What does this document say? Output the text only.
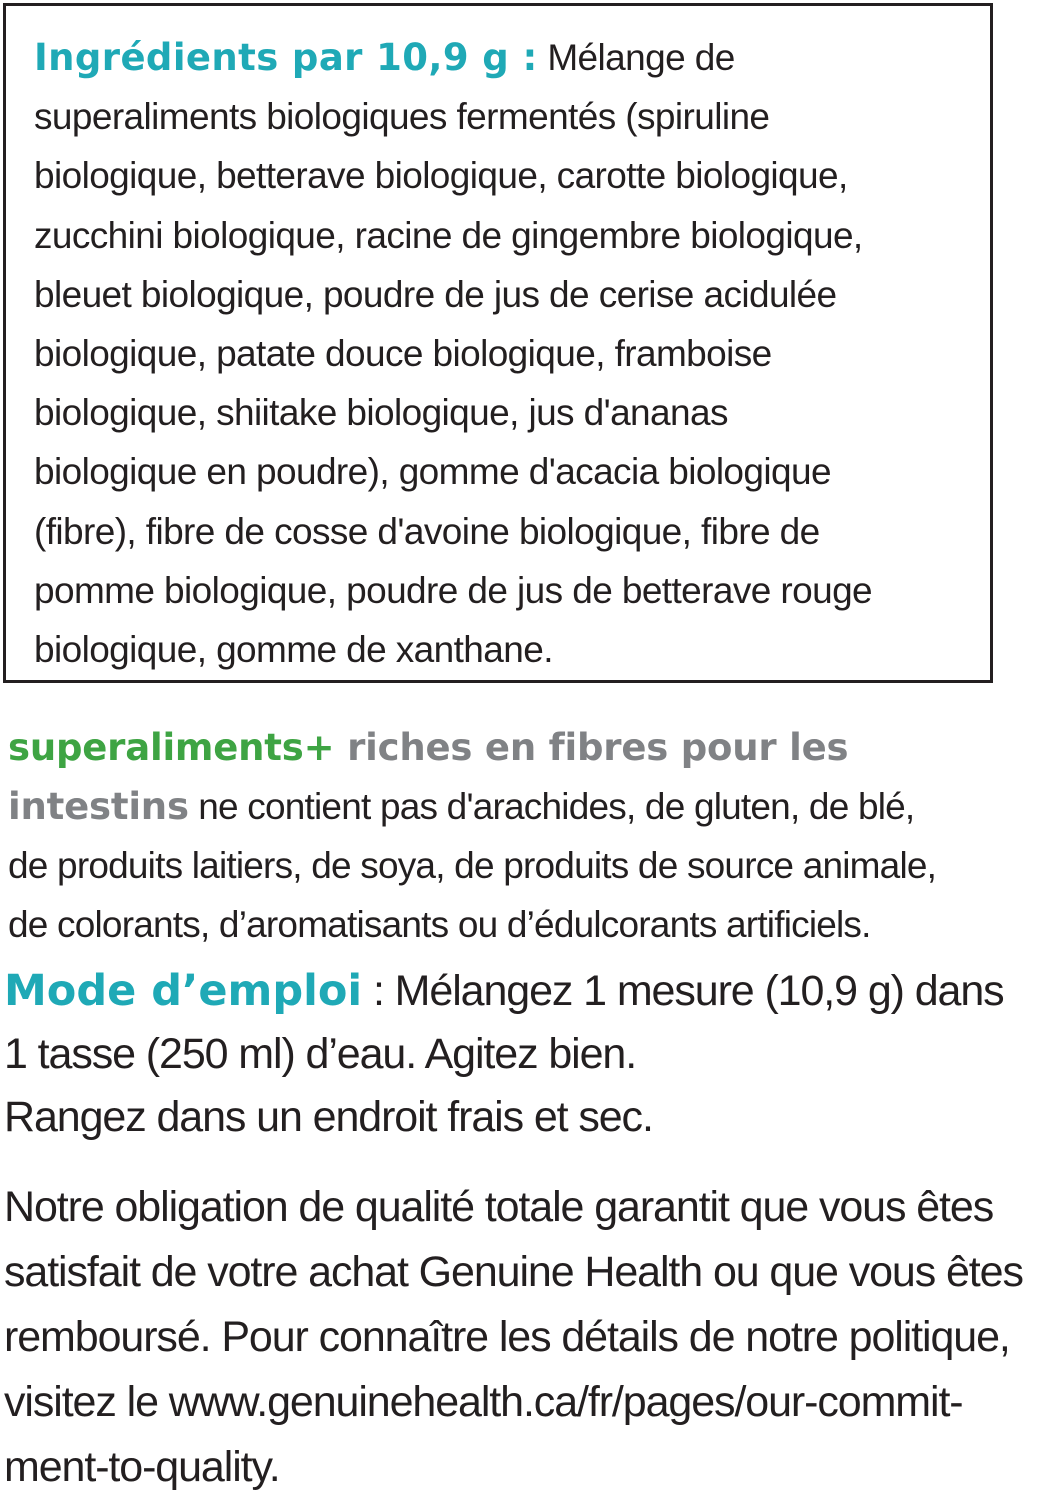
Ingrédients par 10,9 g : Mélange de
superaliments biologiques fermentés (spiruline
biologique, betterave biologique, carotte biologique,
zucchini biologique, racine de gingembre biologique,
bleuet biologique, poudre de jus de cerise acidulée
biologique, patate douce biologique, framboise
biologique, shiitake biologique, jus d'ananas
biologique en poudre), gomme d'acacia biologique
(fibre), fibre de cosse d'avoine biologique, fibre de
pomme biologique, poudre de jus de betterave rouge
biologique, gomme de xanthane.

superaliments+ riches en fibres pour les
intestins ne contient pas d'arachides, de gluten, de blé,
de produits laitiers, de soya, de produits de source animale,
de colorants, d’aromatisants ou d’édulcorants artificiels.

Mode d’emploi : Mélangez 1 mesure (10,9 g) dans
1 tasse (250 ml) d’eau. Agitez bien.
Rangez dans un endroit frais et sec.

Notre obligation de qualité totale garantit que vous êtes
satisfait de votre achat Genuine Health ou que vous êtes
remboursé. Pour connaître les détails de notre politique,
visitez le www.genuinehealth.ca/fr/pages/our-commit-
ment-to-quality.
